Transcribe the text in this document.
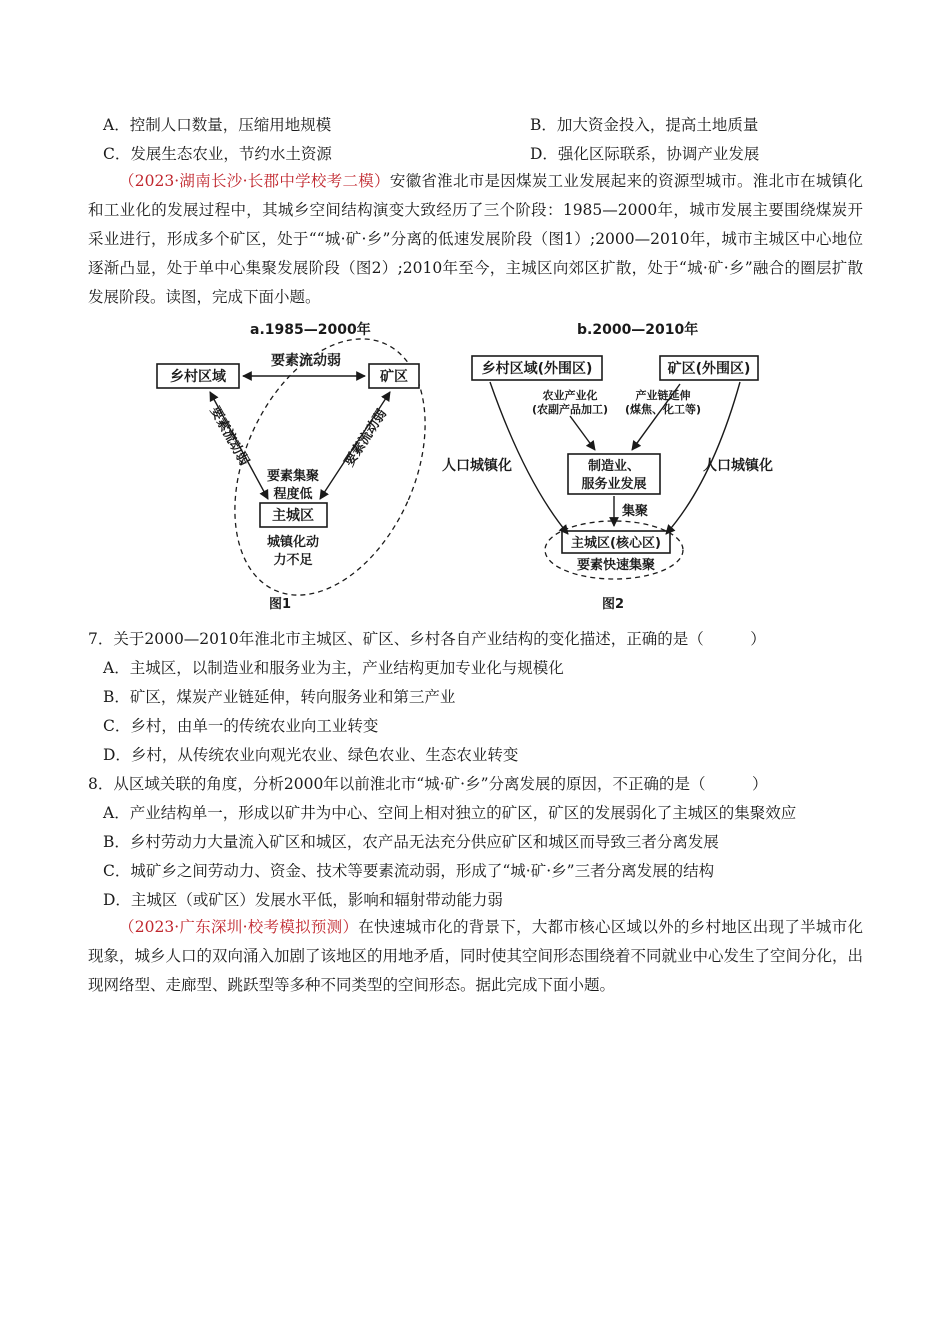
A．控制人口数量，压缩用地规模	B．加大资金投入，提高土地质量
C．发展生态农业，节约水土资源	D．强化区际联系，协调产业发展
（2023·湖南长沙·长郡中学校考二模）安徽省淮北市是因煤炭工业发展起来的资源型城市。淮北市在城镇化和工业化的发展过程中，其城乡空间结构演变大致经历了三个阶段：1985—2000年，城市发展主要围绕煤炭开采业进行，形成多个矿区，处于““城·矿·乡”分离的低速发展阶段（图1）;2000—2010年，城市主城区中心地位逐渐凸显，处于单中心集聚发展阶段（图2）;2010年至今，主城区向郊区扩散，处于“城·矿·乡”融合的圈层扩散发展阶段。读图，完成下面小题。
a.1985—2000年
乡村区域	矿区
主城区
要素流动弱
要素流动弱	要素流动弱
要素集聚
程度低
城镇化动
力不足
图1
b.2000—2010年
乡村区域(外围区)	矿区(外围区)
制造业、
服务业发展
主城区(核心区)
要素快速集聚
农业产业化
(农副产品加工)
产业链延伸
(煤焦、化工等)
集聚
人口城镇化	人口城镇化
图2
7．关于2000—2010年淮北市主城区、矿区、乡村各自产业结构的变化描述，正确的是（　　　）
A．主城区，以制造业和服务业为主，产业结构更加专业化与规模化
B．矿区，煤炭产业链延伸，转向服务业和第三产业
C．乡村，由单一的传统农业向工业转变
D．乡村，从传统农业向观光农业、绿色农业、生态农业转变
8．从区域关联的角度，分析2000年以前淮北市“城·矿·乡”分离发展的原因，不正确的是（　　　）
A．产业结构单一，形成以矿井为中心、空间上相对独立的矿区，矿区的发展弱化了主城区的集聚效应
B．乡村劳动力大量流入矿区和城区，农产品无法充分供应矿区和城区而导致三者分离发展
C．城矿乡之间劳动力、资金、技术等要素流动弱，形成了“城·矿·乡”三者分离发展的结构
D．主城区（或矿区）发展水平低，影响和辐射带动能力弱
（2023·广东深圳·校考模拟预测）在快速城市化的背景下，大都市核心区域以外的乡村地区出现了半城市化现象，城乡人口的双向涌入加剧了该地区的用地矛盾，同时使其空间形态围绕着不同就业中心发生了空间分化，出现网络型、走廊型、跳跃型等多种不同类型的空间形态。据此完成下面小题。
